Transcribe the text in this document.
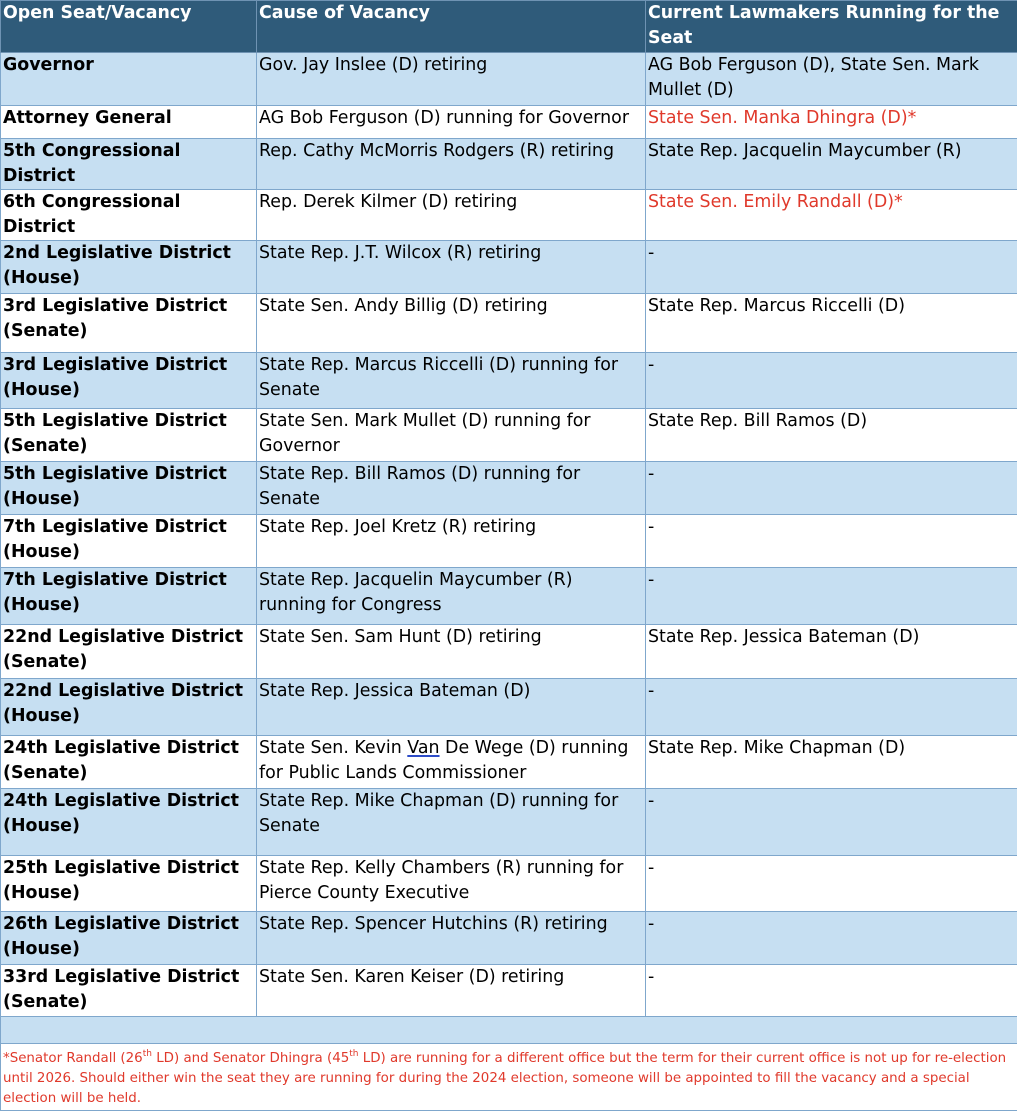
Open Seat/Vacancy	Cause of Vacancy	Current Lawmakers Running for the Seat
Governor	Gov. Jay Inslee (D) retiring	AG Bob Ferguson (D), State Sen. Mark Mullet (D)
Attorney General	AG Bob Ferguson (D) running for Governor	State Sen. Manka Dhingra (D)*
5th Congressional District	Rep. Cathy McMorris Rodgers (R) retiring	State Rep. Jacquelin Maycumber (R)
6th Congressional District	Rep. Derek Kilmer (D) retiring	State Sen. Emily Randall (D)*
2nd Legislative District (House)	State Rep. J.T. Wilcox (R) retiring	-
3rd Legislative District (Senate)	State Sen. Andy Billig (D) retiring	State Rep. Marcus Riccelli (D)
3rd Legislative District (House)	State Rep. Marcus Riccelli (D) running for Senate	-
5th Legislative District (Senate)	State Sen. Mark Mullet (D) running for Governor	State Rep. Bill Ramos (D)
5th Legislative District (House)	State Rep. Bill Ramos (D) running for Senate	-
7th Legislative District (House)	State Rep. Joel Kretz (R) retiring	-
7th Legislative District (House)	State Rep. Jacquelin Maycumber (R) running for Congress	-
22nd Legislative District (Senate)	State Sen. Sam Hunt (D) retiring	State Rep. Jessica Bateman (D)
22nd Legislative District (House)	State Rep. Jessica Bateman (D)	-
24th Legislative District (Senate)	State Sen. Kevin Van De Wege (D) running for Public Lands Commissioner	State Rep. Mike Chapman (D)
24th Legislative District (House)	State Rep. Mike Chapman (D) running for Senate	-
25th Legislative District (House)	State Rep. Kelly Chambers (R) running for Pierce County Executive	-
26th Legislative District (House)	State Rep. Spencer Hutchins (R) retiring	-
33rd Legislative District (Senate)	State Sen. Karen Keiser (D) retiring	-

*Senator Randall (26th LD) and Senator Dhingra (45th LD) are running for a different office but the term for their current office is not up for re-election until 2026. Should either win the seat they are running for during the 2024 election, someone will be appointed to fill the vacancy and a special election will be held.		
